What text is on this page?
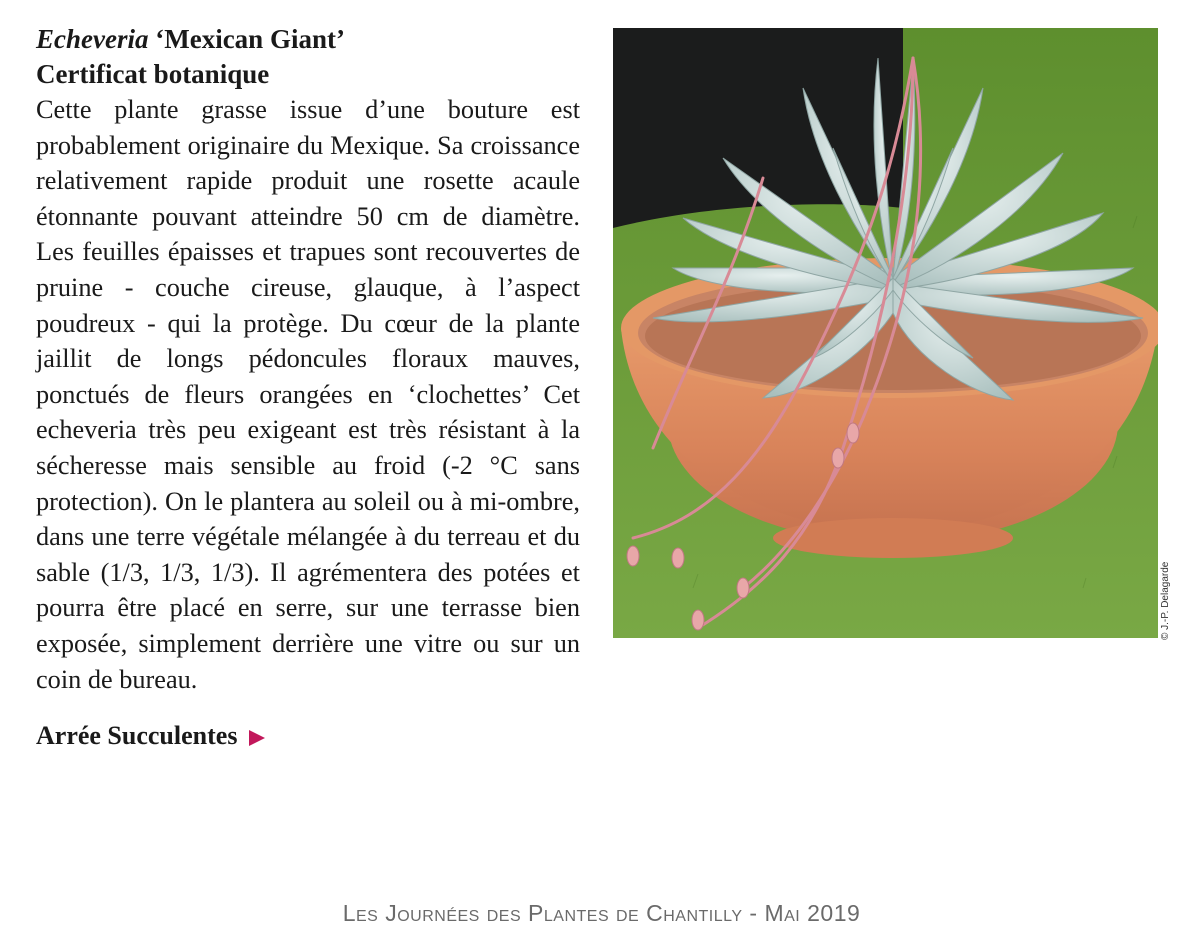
Echeveria ‘Mexican Giant’
Certificat botanique
Cette plante grasse issue d’une bouture est probablement originaire du Mexique. Sa croissance relativement rapide produit une rosette acaule étonnante pouvant atteindre 50 cm de diamètre. Les feuilles épaisses et trapues sont recouvertes de pruine - couche cireuse, glauque, à l’aspect poudreux - qui la protège. Du cœur de la plante jaillit de longs pédoncules floraux mauves, ponctués de fleurs orangées en ‘clochettes’ Cet echeveria très peu exigeant est très résistant à la sécheresse mais sensible au froid (-2 °C sans protection). On le plantera au soleil ou à mi-ombre, dans une terre végétale mélangée à du terreau et du sable (1/3, 1/3, 1/3). Il agrémentera des potées et pourra être placé en serre, sur une terrasse bien exposée, simplement derrière une vitre ou sur un coin de bureau.
Arrée Succulentes
© J.-P. Delagarde
Les Journées des Plantes de Chantilly - Mai 2019
